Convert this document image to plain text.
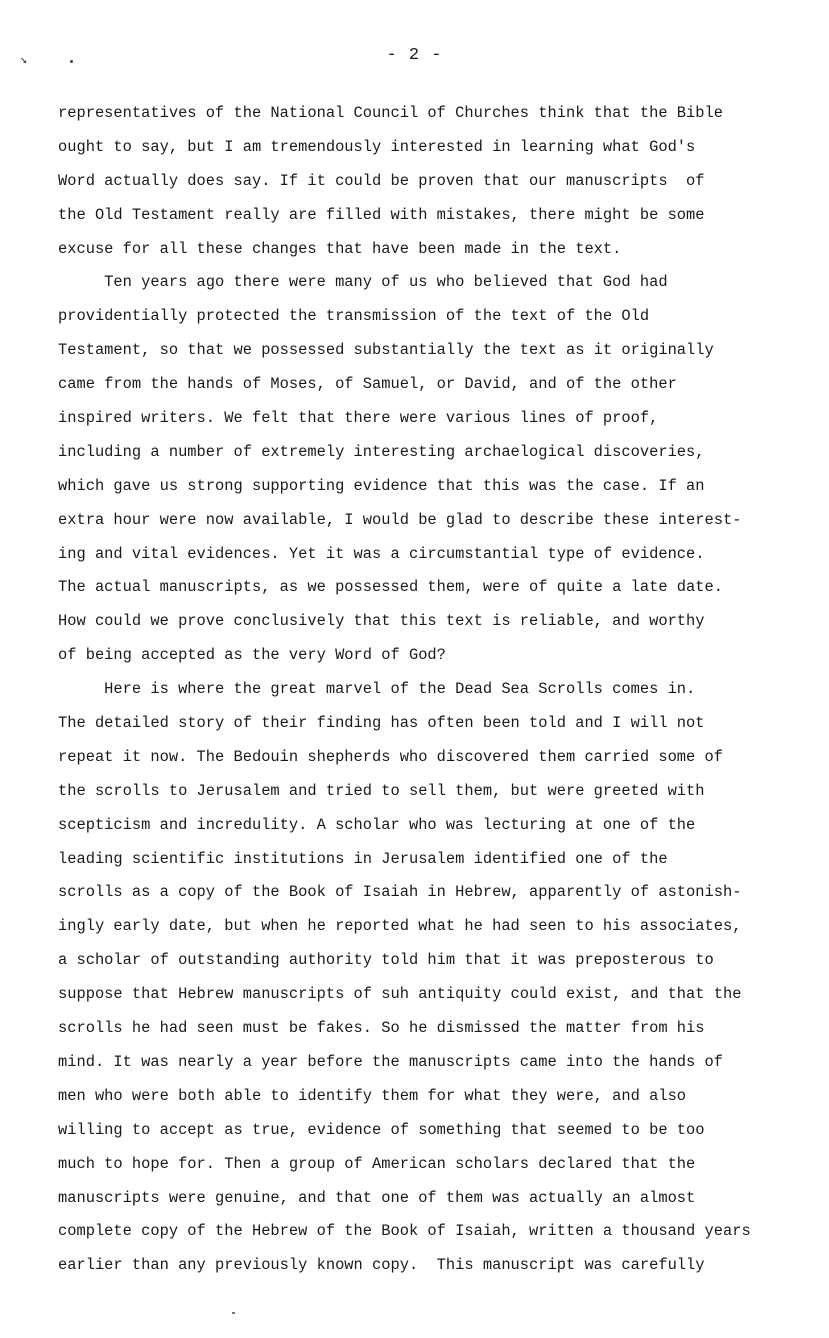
↘	- 2 -
representatives of the National Council of Churches think that the Bible
ought to say, but I am tremendously interested in learning what God's
Word actually does say. If it could be proven that our manuscripts  of
the Old Testament really are filled with mistakes, there might be some
excuse for all these changes that have been made in the text.
Ten years ago there were many of us who believed that God had
providentially protected the transmission of the text of the Old
Testament, so that we possessed substantially the text as it originally
came from the hands of Moses, of Samuel, or David, and of the other
inspired writers. We felt that there were various lines of proof,
including a number of extremely interesting archaelogical discoveries,
which gave us strong supporting evidence that this was the case. If an
extra hour were now available, I would be glad to describe these interest-
ing and vital evidences. Yet it was a circumstantial type of evidence.
The actual manuscripts, as we possessed them, were of quite a late date.
How could we prove conclusively that this text is reliable, and worthy
of being accepted as the very Word of God?
Here is where the great marvel of the Dead Sea Scrolls comes in.
The detailed story of their finding has often been told and I will not
repeat it now. The Bedouin shepherds who discovered them carried some of
the scrolls to Jerusalem and tried to sell them, but were greeted with
scepticism and incredulity. A scholar who was lecturing at one of the
leading scientific institutions in Jerusalem identified one of the
scrolls as a copy of the Book of Isaiah in Hebrew, apparently of astonish-
ingly early date, but when he reported what he had seen to his associates,
a scholar of outstanding authority told him that it was preposterous to
suppose that Hebrew manuscripts of suh antiquity could exist, and that the
scrolls he had seen must be fakes. So he dismissed the matter from his
mind. It was nearly a year before the manuscripts came into the hands of
men who were both able to identify them for what they were, and also
willing to accept as true, evidence of something that seemed to be too
much to hope for. Then a group of American scholars declared that the
manuscripts were genuine, and that one of them was actually an almost
complete copy of the Hebrew of the Book of Isaiah, written a thousand years
earlier than any previously known copy.  This manuscript was carefully
